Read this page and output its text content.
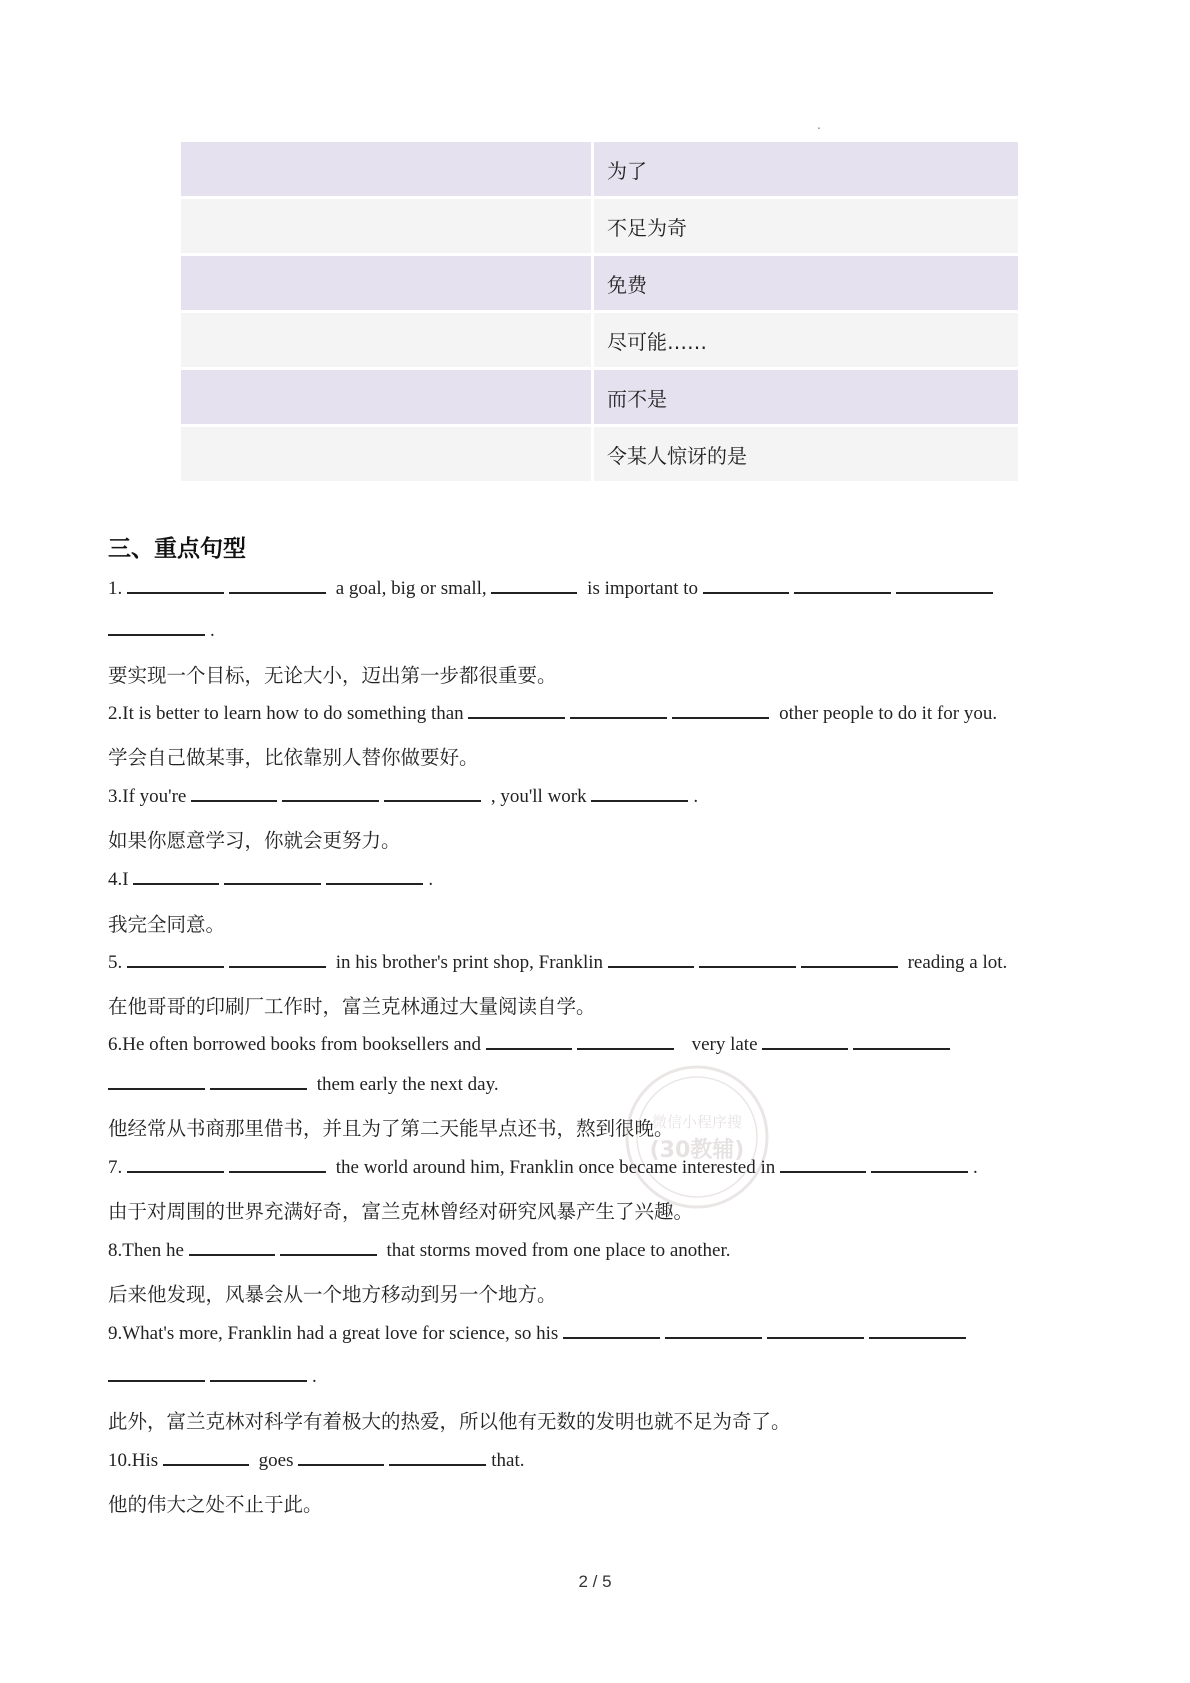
.
	为了
	不足为奇
	免费
	尽可能……
	而不是
	令某人惊讶的是
三、重点句型
1.	a goal, big or small,	is important to
.
要实现一个目标，无论大小，迈出第一步都很重要。
2.It is better to learn how to do something than	other people to do it for you.
学会自己做某事，比依靠别人替你做要好。
3.If you're	, you'll work	.
如果你愿意学习，你就会更努力。
4.I	.
我完全同意。
5.	in his brother's print shop, Franklin	reading a lot.
在他哥哥的印刷厂工作时，富兰克林通过大量阅读自学。
6.He often borrowed books from booksellers and	very late
them early the next day.
他经常从书商那里借书，并且为了第二天能早点还书，熬到很晚。
7.	the world around him, Franklin once became interested in	.
由于对周围的世界充满好奇，富兰克林曾经对研究风暴产生了兴趣。
8.Then he	that storms moved from one place to another.
后来他发现，风暴会从一个地方移动到另一个地方。
9.What's more, Franklin had a great love for science, so his
.
此外，富兰克林对科学有着极大的热爱，所以他有无数的发明也就不足为奇了。
10.His	goes	that.
他的伟大之处不止于此。
微信小程序搜
(30教辅)
2 / 5
